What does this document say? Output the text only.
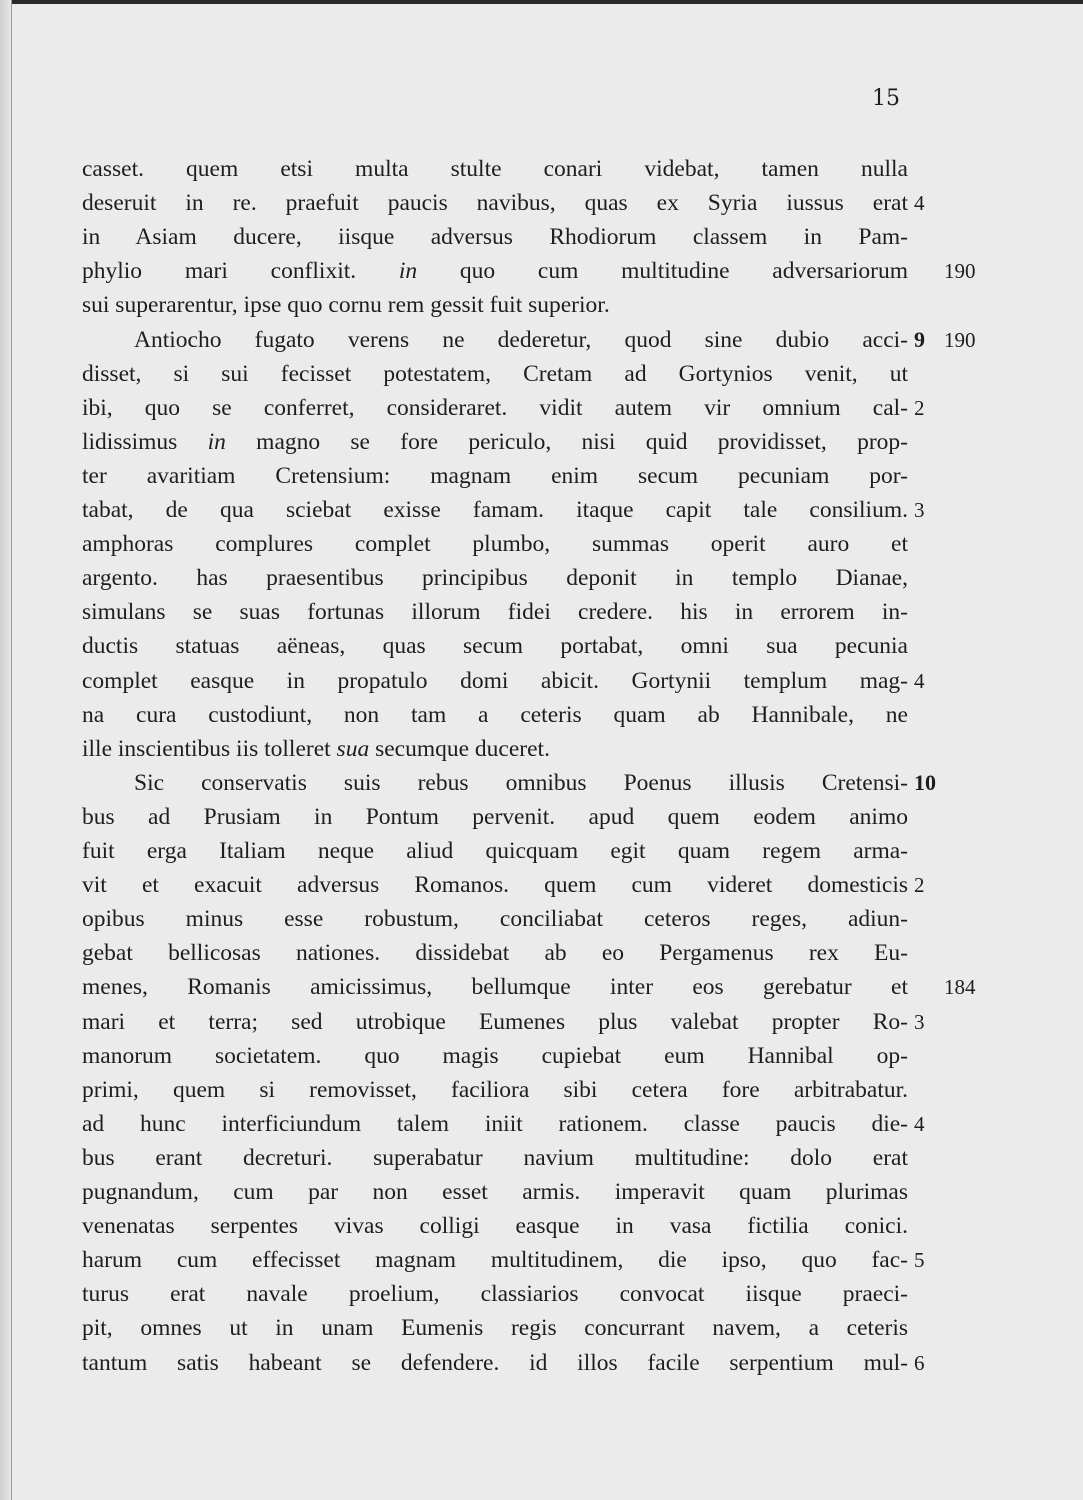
15
casset. quem etsi multa stulte conari videbat, tamen nulla
deseruit in re. praefuit paucis navibus, quas ex Syria iussus erat 4
in Asiam ducere, iisque adversus Rhodiorum classem in Pam-
phylio mari conflixit. in quo cum multitudine adversariorum 190
sui superarentur, ipse quo cornu rem gessit fuit superior.
Antiocho fugato verens ne dederetur, quod sine dubio acci- 9 190
disset, si sui fecisset potestatem, Cretam ad Gortynios venit, ut
ibi, quo se conferret, consideraret. vidit autem vir omnium cal- 2
lidissimus in magno se fore periculo, nisi quid providisset, prop-
ter avaritiam Cretensium: magnam enim secum pecuniam por-
tabat, de qua sciebat exisse famam. itaque capit tale consilium. 3
amphoras complures complet plumbo, summas operit auro et
argento. has praesentibus principibus deponit in templo Dianae,
simulans se suas fortunas illorum fidei credere. his in errorem in-
ductis statuas aëneas, quas secum portabat, omni sua pecunia
complet easque in propatulo domi abicit. Gortynii templum mag- 4
na cura custodiunt, non tam a ceteris quam ab Hannibale, ne
ille inscientibus iis tolleret sua secumque duceret.
Sic conservatis suis rebus omnibus Poenus illusis Cretensi- 10
bus ad Prusiam in Pontum pervenit. apud quem eodem animo
fuit erga Italiam neque aliud quicquam egit quam regem arma-
vit et exacuit adversus Romanos. quem cum videret domesticis 2
opibus minus esse robustum, conciliabat ceteros reges, adiun-
gebat bellicosas nationes. dissidebat ab eo Pergamenus rex Eu-
menes, Romanis amicissimus, bellumque inter eos gerebatur et 184
mari et terra; sed utrobique Eumenes plus valebat propter Ro- 3
manorum societatem. quo magis cupiebat eum Hannibal op-
primi, quem si removisset, faciliora sibi cetera fore arbitrabatur.
ad hunc interficiundum talem iniit rationem. classe paucis die- 4
bus erant decreturi. superabatur navium multitudine: dolo erat
pugnandum, cum par non esset armis. imperavit quam plurimas
venenatas serpentes vivas colligi easque in vasa fictilia conici.
harum cum effecisset magnam multitudinem, die ipso, quo fac- 5
turus erat navale proelium, classiarios convocat iisque praeci-
pit, omnes ut in unam Eumenis regis concurrant navem, a ceteris
tantum satis habeant se defendere. id illos facile serpentium mul- 6
